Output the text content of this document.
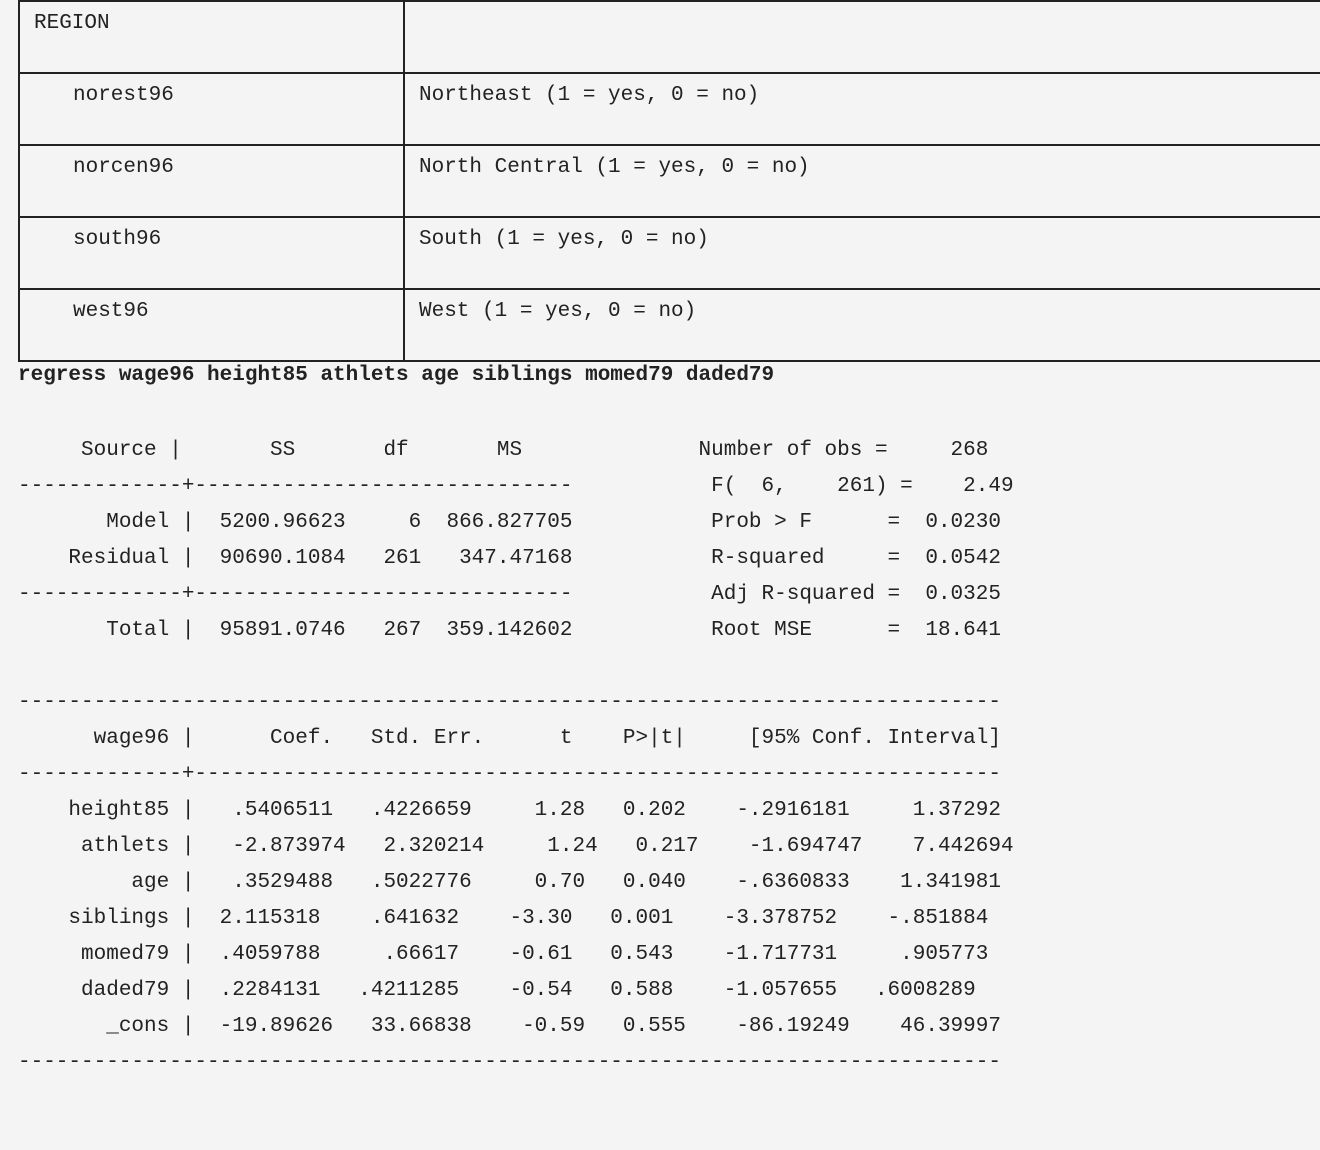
REGION	
norest96	Northeast (1 = yes, 0 = no)
norcen96	North Central (1 = yes, 0 = no)
south96	South (1 = yes, 0 = no)
west96	West (1 = yes, 0 = no)

regress wage96 height85 athlets age siblings momed79 daded79

Source |       SS       df       MS              Number of obs =     268

-------------+------------------------------           F(  6,    261) =    2.49

Model |  5200.96623     6  866.827705           Prob > F      =  0.0230

Residual |  90690.1084   261   347.47168           R-squared     =  0.0542

-------------+------------------------------           Adj R-squared =  0.0325

Total |  95891.0746   267  359.142602           Root MSE      =  18.641

------------------------------------------------------------------------------

wage96 |      Coef.   Std. Err.      t    P>|t|     [95% Conf. Interval]

-------------+----------------------------------------------------------------

height85 |   .5406511   .4226659     1.28   0.202    -.2916181     1.37292

athlets |   -2.873974   2.320214     1.24   0.217    -1.694747    7.442694

age |   .3529488   .5022776     0.70   0.040    -.6360833    1.341981

siblings |  2.115318    .641632    -3.30   0.001    -3.378752    -.851884

momed79 |  .4059788     .66617    -0.61   0.543    -1.717731     .905773

daded79 |  .2284131   .4211285    -0.54   0.588    -1.057655   .6008289

_cons |  -19.89626   33.66838    -0.59   0.555    -86.19249    46.39997

------------------------------------------------------------------------------
